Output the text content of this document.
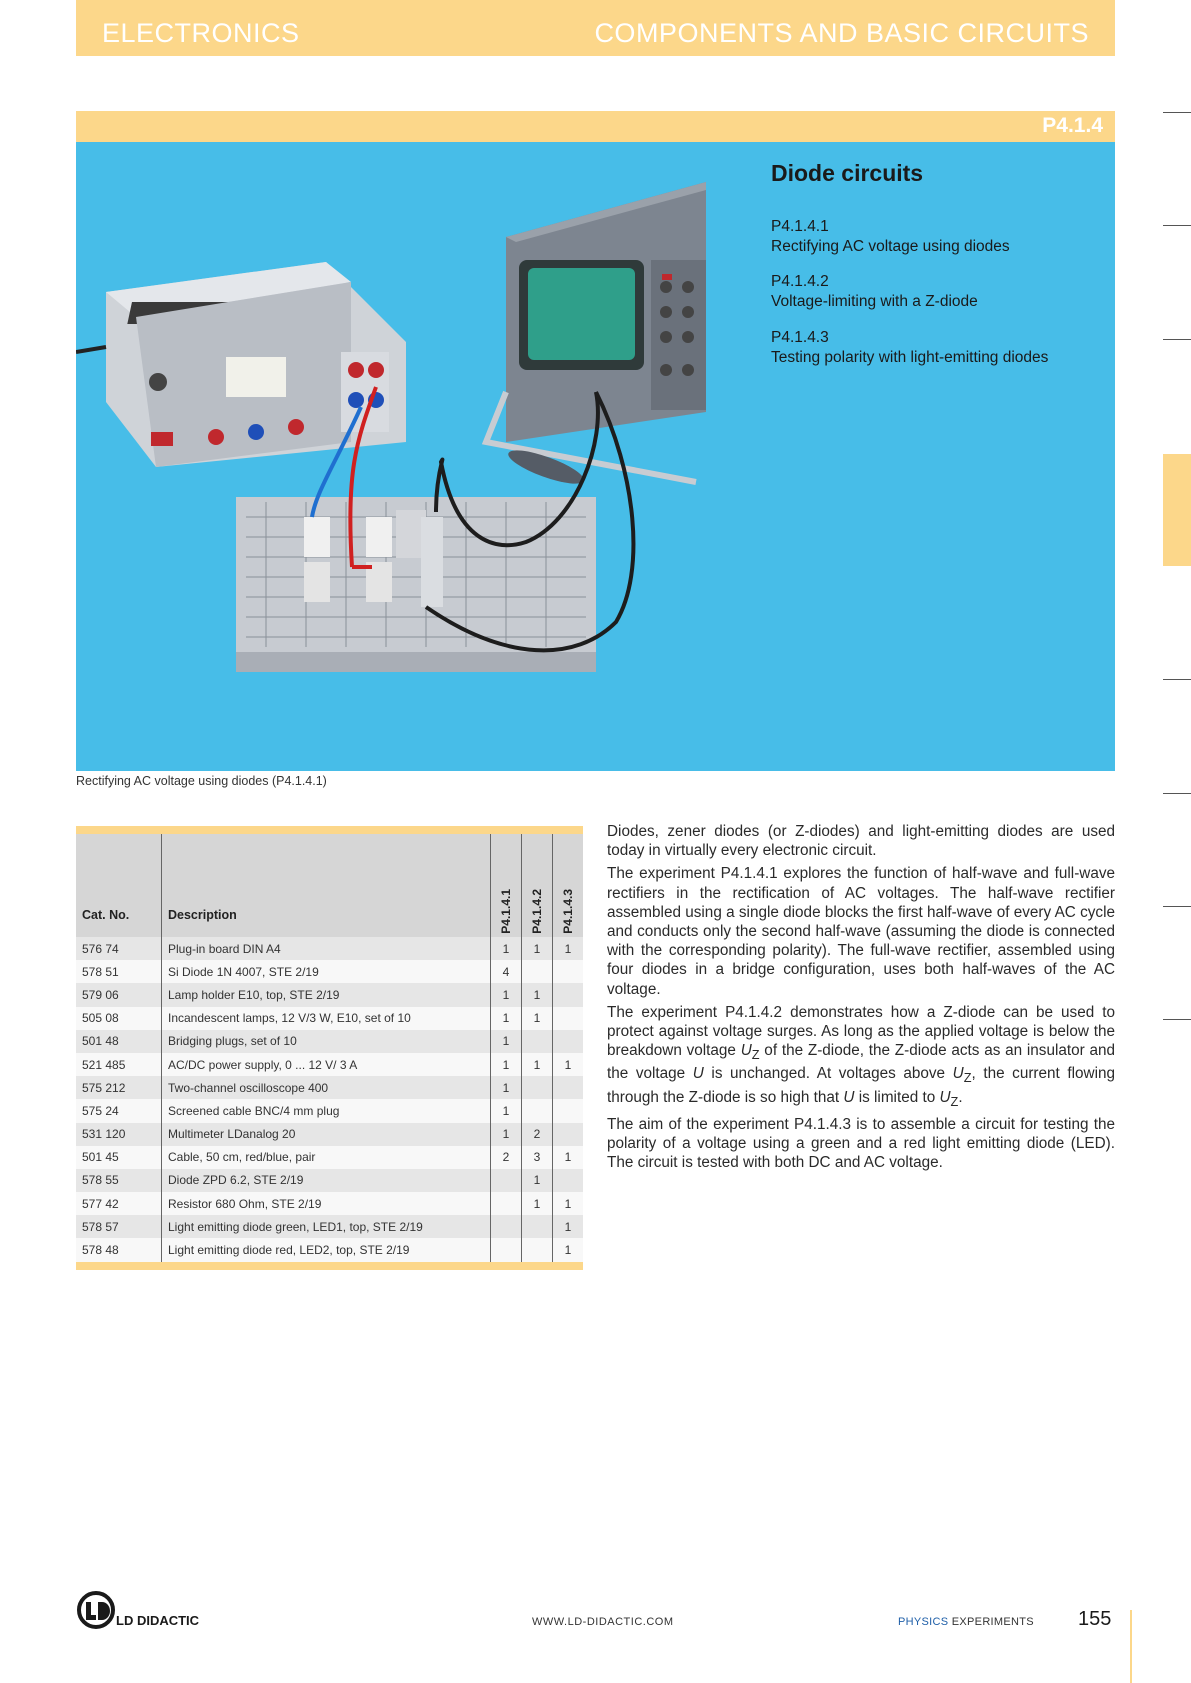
ELECTRONICS	COMPONENTS AND BASIC CIRCUITS
P4.1.4
Diode circuits
P4.1.4.1
Rectifying AC voltage using diodes
P4.1.4.2
Voltage-limiting with a Z-diode
P4.1.4.3
Testing polarity with light-emitting diodes
Rectifying AC voltage using diodes (P4.1.4.1)
Cat. No.	Description	P4.1.4.1	P4.1.4.2	P4.1.4.3
576 74	Plug-in board DIN A4	1	1	1
578 51	Si Diode 1N 4007, STE 2/19	4		
579 06	Lamp holder E10, top, STE 2/19	1	1	
505 08	Incandescent lamps, 12 V/3 W, E10, set of 10	1	1	
501 48	Bridging plugs, set of 10	1		
521 485	AC/DC power supply, 0 ... 12 V/ 3 A	1	1	1
575 212	Two-channel oscilloscope 400	1		
575 24	Screened cable BNC/4 mm plug	1		
531 120	Multimeter LDanalog 20	1	2	
501 45	Cable, 50 cm, red/blue, pair	2	3	1
578 55	Diode ZPD 6.2, STE 2/19		1	
577 42	Resistor 680 Ohm, STE 2/19		1	1
578 57	Light emitting diode green, LED1, top, STE 2/19			1
578 48	Light emitting diode red, LED2, top, STE 2/19			1

Diodes, zener diodes (or Z-diodes) and light-emitting diodes are used today in virtually every electronic circuit.

The experiment P4.1.4.1 explores the function of half-wave and full-wave rectifiers in the rectification of AC voltages. The half-wave rectifier assembled using a single diode blocks the first half-wave of every AC cycle and conducts only the second half-wave (assuming the diode is connected with the corresponding polarity). The full-wave rectifier, assembled using four diodes in a bridge configuration, uses both half-waves of the AC voltage.

The experiment P4.1.4.2 demonstrates how a Z-diode can be used to protect against voltage surges. As long as the applied voltage is below the breakdown voltage $U_Z$ of the Z-diode, the Z-diode acts as an insulator and the voltage U is unchanged. At voltages above $U_Z$, the current flowing through the Z-diode is so high that U is limited to $U_Z$.

The aim of the experiment P4.1.4.3 is to assemble a circuit for testing the polarity of a voltage using a green and a red light emitting diode (LED). The circuit is tested with both DC and AC voltage.

LD DIDACTIC	WWW.LD-DIDACTIC.COM	PHYSICS EXPERIMENTS 155
